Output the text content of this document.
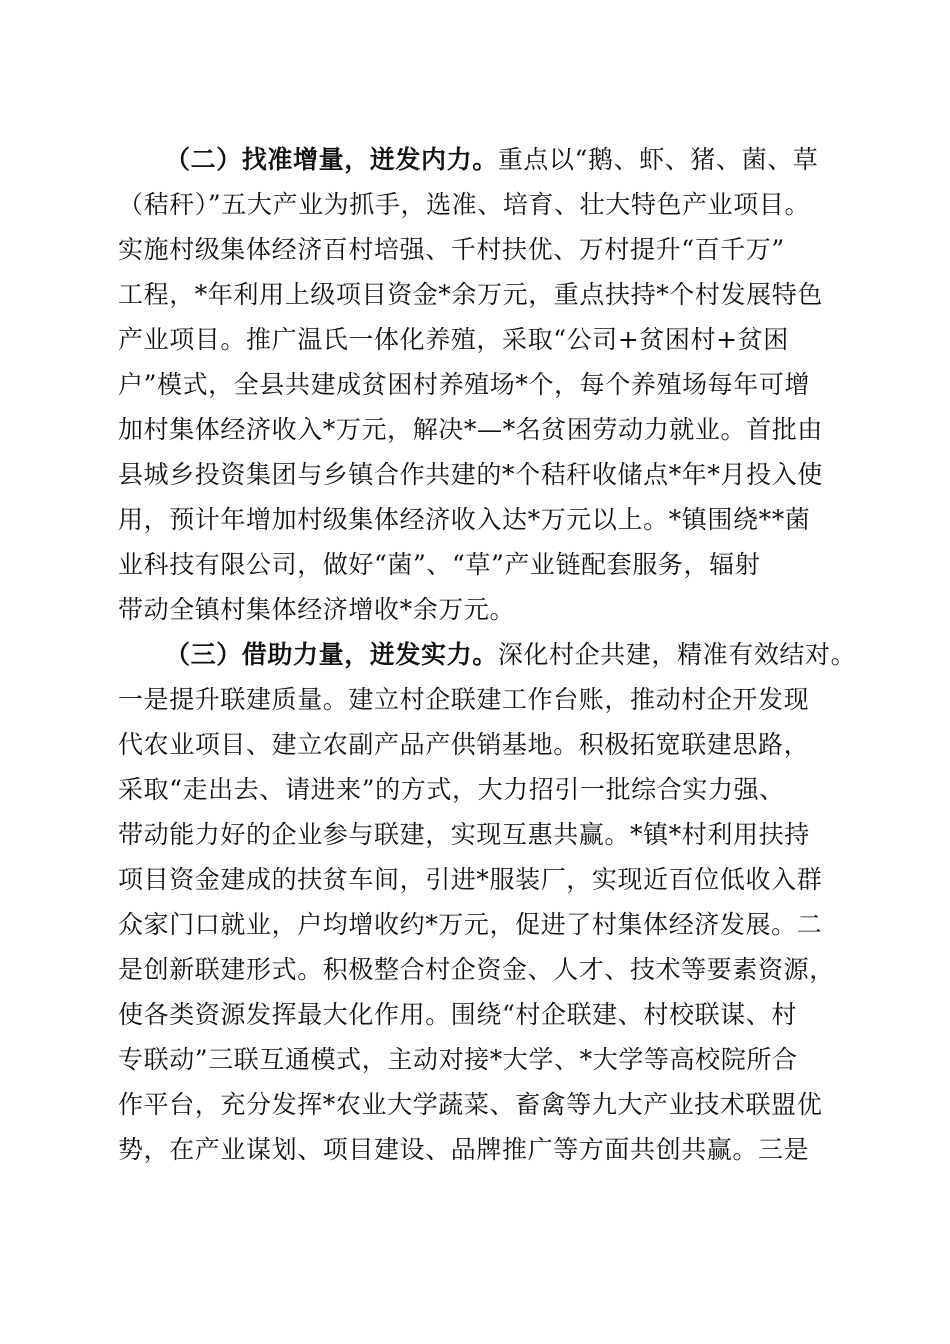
（二）找准增量，迸发内力。重点以“鹅、虾、猪、菌、草
（秸秆）”五大产业为抓手，选准、培育、壮大特色产业项目。
实施村级集体经济百村培强、千村扶优、万村提升“百千万”
工程，*年利用上级项目资金*余万元，重点扶持*个村发展特色
产业项目。推广温氏一体化养殖，采取“公司+贫困村+贫困
户”模式，全县共建成贫困村养殖场*个，每个养殖场每年可增
加村集体经济收入*万元，解决*—*名贫困劳动力就业。首批由
县城乡投资集团与乡镇合作共建的*个秸秆收储点*年*月投入使
用，预计年增加村级集体经济收入达*万元以上。*镇围绕**菌
业科技有限公司，做好“菌”、“草”产业链配套服务，辐射
带动全镇村集体经济增收*余万元。
（三）借助力量，迸发实力。深化村企共建，精准有效结对。
一是提升联建质量。建立村企联建工作台账，推动村企开发现
代农业项目、建立农副产品产供销基地。积极拓宽联建思路，
采取“走出去、请进来”的方式，大力招引一批综合实力强、
带动能力好的企业参与联建，实现互惠共赢。*镇*村利用扶持
项目资金建成的扶贫车间，引进*服装厂，实现近百位低收入群
众家门口就业，户均增收约*万元，促进了村集体经济发展。二
是创新联建形式。积极整合村企资金、人才、技术等要素资源，
使各类资源发挥最大化作用。围绕“村企联建、村校联谋、村
专联动”三联互通模式，主动对接*大学、*大学等高校院所合
作平台，充分发挥*农业大学蔬菜、畜禽等九大产业技术联盟优
势，在产业谋划、项目建设、品牌推广等方面共创共赢。三是
